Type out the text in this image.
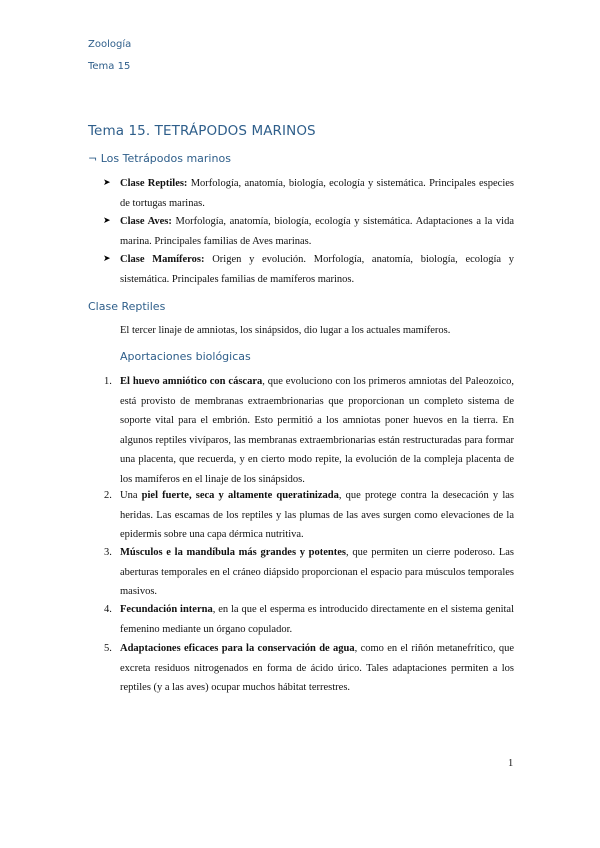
Zoología
Tema 15
Tema 15. TETRÁPODOS MARINOS
¬ Los Tetrápodos marinos
➤ Clase Reptiles: Morfología, anatomía, biología, ecología y sistemática. Principales especies de tortugas marinas.
➤ Clase Aves: Morfología, anatomía, biología, ecología y sistemática. Adaptaciones a la vida marina. Principales familias de Aves marinas.
➤ Clase Mamíferos: Origen y evolución. Morfología, anatomía, biología, ecología y sistemática. Principales familias de mamíferos marinos.
Clase Reptiles
El tercer linaje de amniotas, los sinápsidos, dio lugar a los actuales mamíferos.
Aportaciones biológicas
1. El huevo amniótico con cáscara, que evoluciono con los primeros amniotas del Paleozoico, está provisto de membranas extraembrionarias que proporcionan un completo sistema de soporte vital para el embrión. Esto permitió a los amniotas poner huevos en la tierra. En algunos reptiles vivíparos, las membranas extraembrionarias están restructuradas para formar una placenta, que recuerda, y en cierto modo repite, la evolución de la compleja placenta de los mamíferos en el linaje de los sinápsidos.
2. Una piel fuerte, seca y altamente queratinizada, que protege contra la desecación y las heridas. Las escamas de los reptiles y las plumas de las aves surgen como elevaciones de la epidermis sobre una capa dérmica nutritiva.
3. Músculos e la mandíbula más grandes y potentes, que permiten un cierre poderoso. Las aberturas temporales en el cráneo diápsido proporcionan el espacio para músculos temporales masivos.
4. Fecundación interna, en la que el esperma es introducido directamente en el sistema genital femenino mediante un órgano copulador.
5. Adaptaciones eficaces para la conservación de agua, como en el riñón metanefrítico, que excreta residuos nitrogenados en forma de ácido úrico. Tales adaptaciones permiten a los reptiles (y a las aves) ocupar muchos hábitat terrestres.
1
